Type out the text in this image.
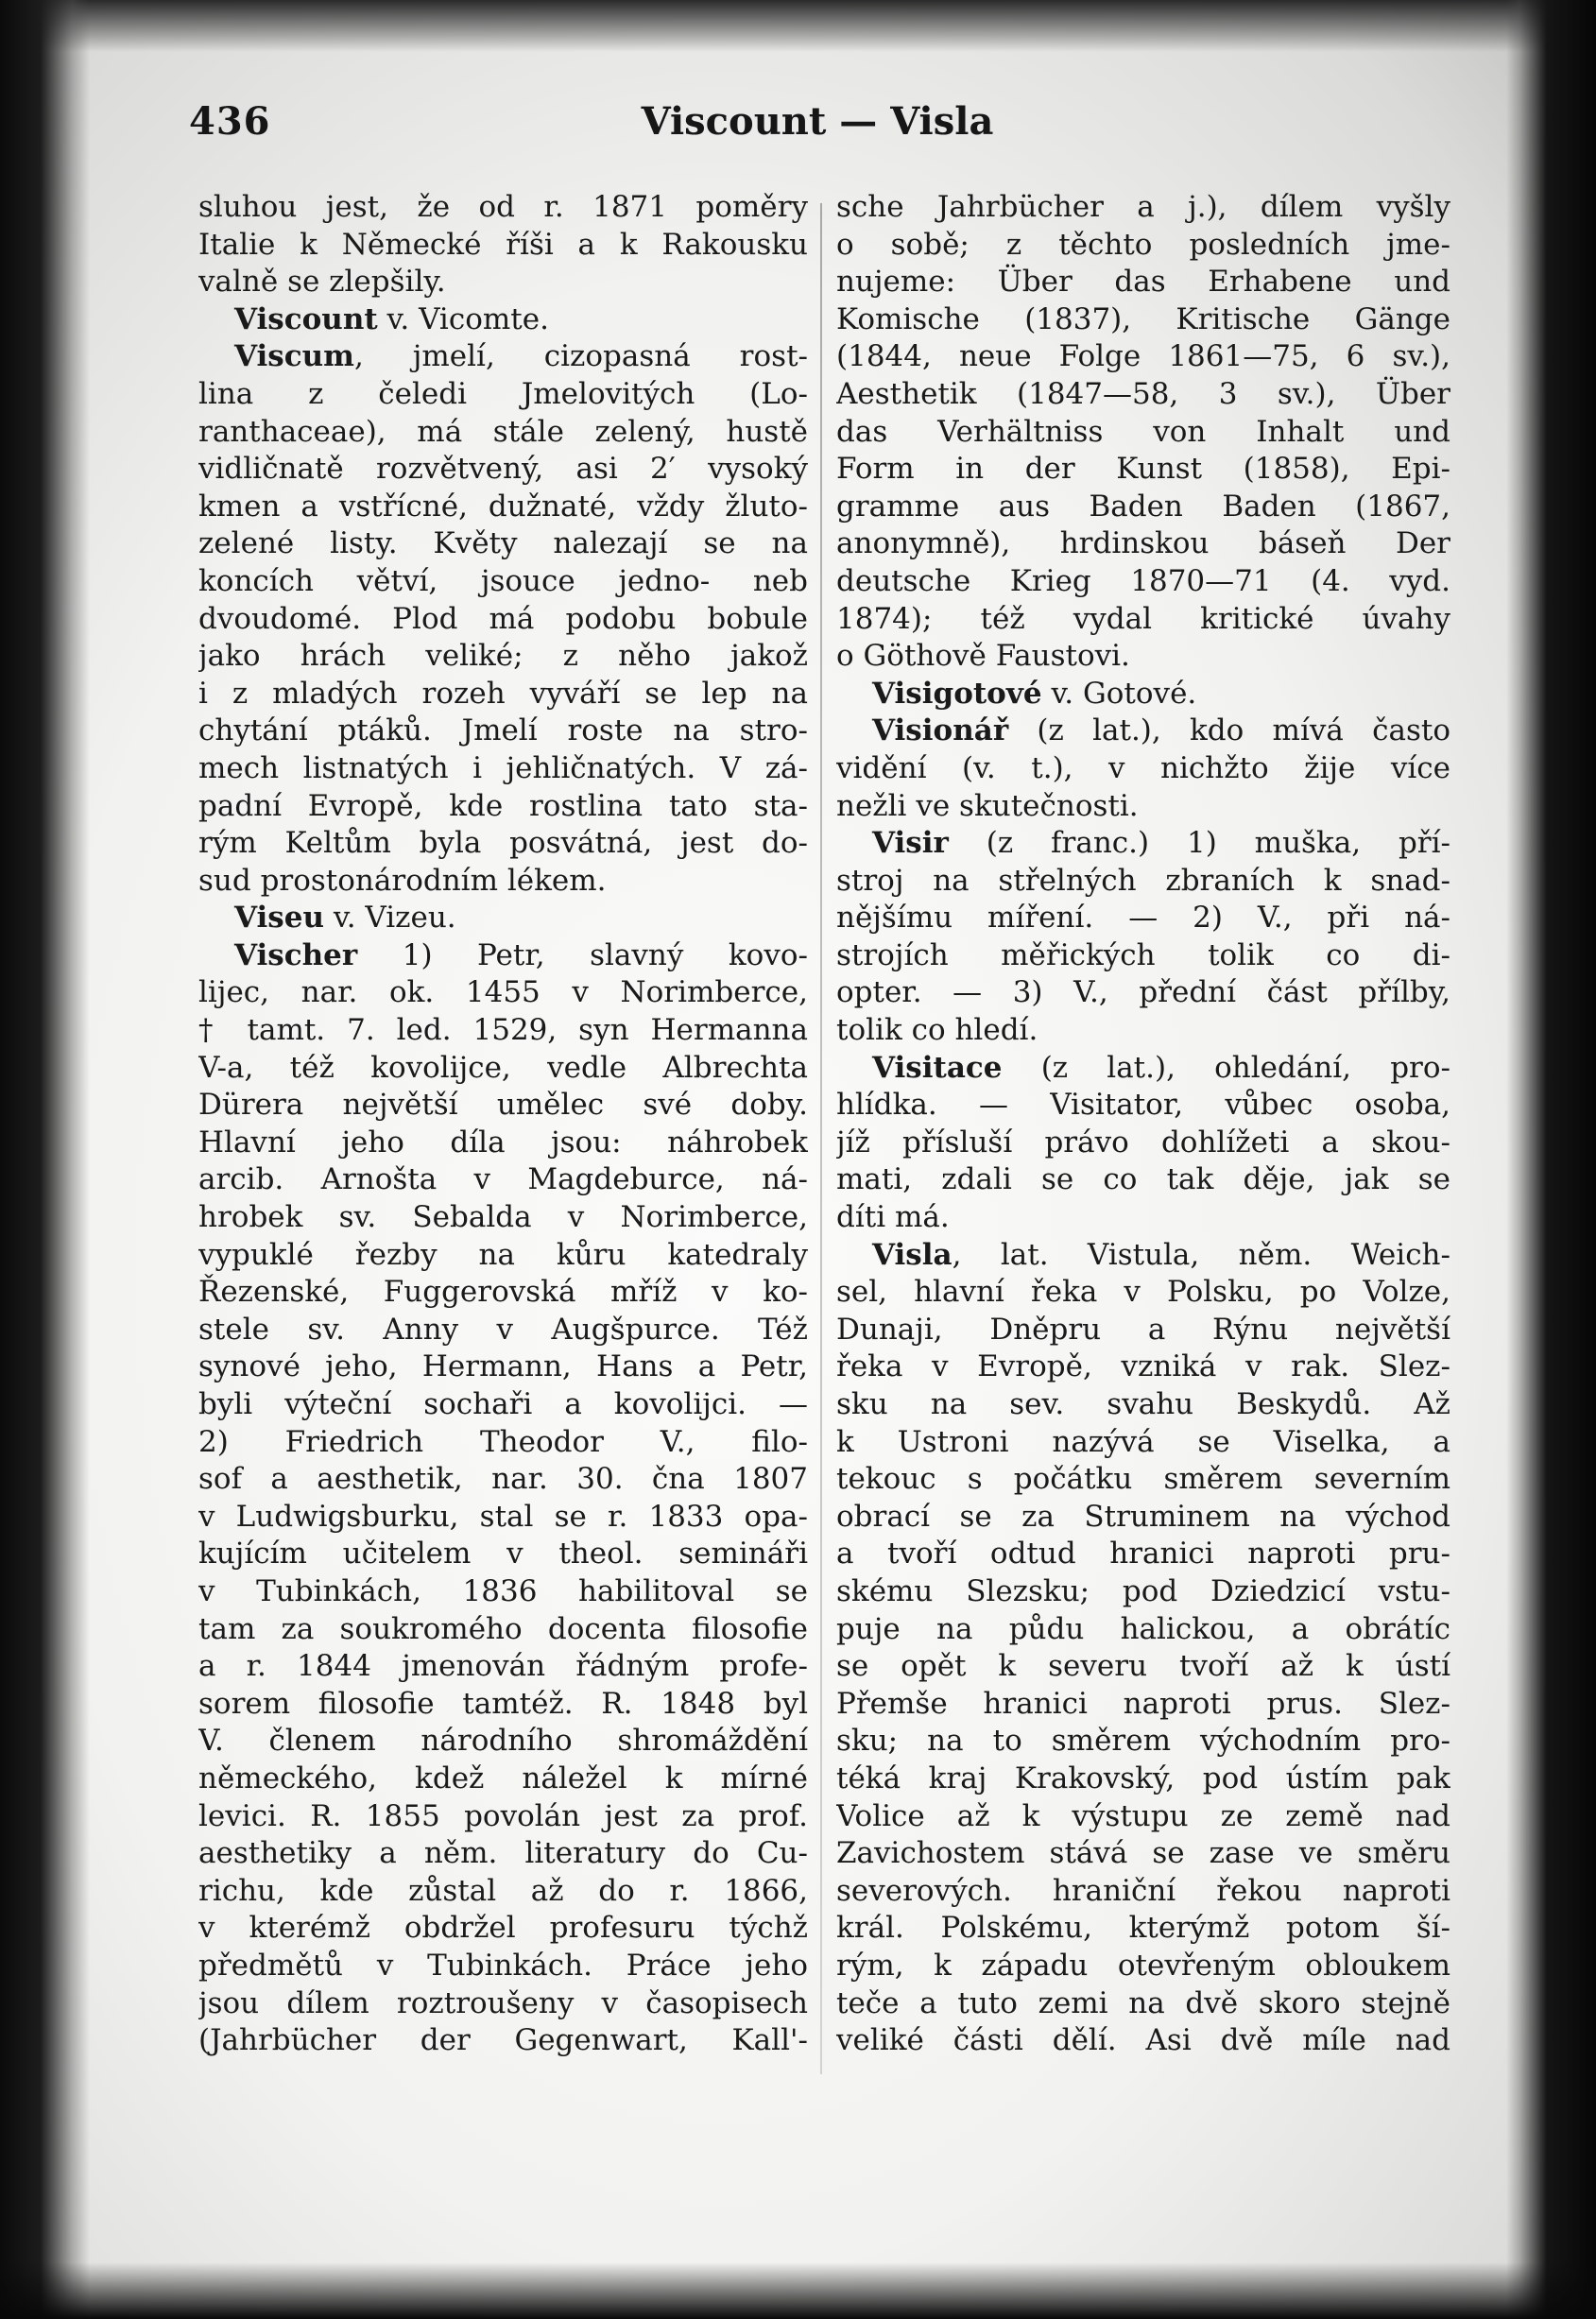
436	Viscount — Visla
sluhou jest, že od r. 1871 poměry
Italie k Německé říši a k Rakousku
valně se zlepšily.
Viscount v. Vicomte.
Viscum, jmelí, cizopasná rost-
lina z čeledi Jmelovitých (Lo-
ranthaceae), má stále zelený, hustě
vidličnatě rozvětvený, asi 2′ vysoký
kmen a vstřícné, dužnaté, vždy žluto-
zelené listy. Květy nalezají se na
koncích větví, jsouce jedno- neb
dvoudomé. Plod má podobu bobule
jako hrách veliké; z něho jakož
i z mladých rozeh vyváří se lep na
chytání ptáků. Jmelí roste na stro-
mech listnatých i jehličnatých. V zá-
padní Evropě, kde rostlina tato sta-
rým Keltům byla posvátná, jest do-
sud prostonárodním lékem.
Viseu v. Vizeu.
Vischer 1) Petr, slavný kovo-
lijec, nar. ok. 1455 v Norimberce,
† tamt. 7. led. 1529, syn Hermanna
V-a, též kovolijce, vedle Albrechta
Dürera největší umělec své doby.
Hlavní jeho díla jsou: náhrobek
arcib. Arnošta v Magdeburce, ná-
hrobek sv. Sebalda v Norimberce,
vypuklé řezby na kůru katedraly
Řezenské, Fuggerovská mříž v ko-
stele sv. Anny v Augšpurce. Též
synové jeho, Hermann, Hans a Petr,
byli výteční sochaři a kovolijci. —
2) Friedrich Theodor V., filo-
sof a aesthetik, nar. 30. čna 1807
v Ludwigsburku, stal se r. 1833 opa-
kujícím učitelem v theol. semináři
v Tubinkách, 1836 habilitoval se
tam za soukromého docenta filosofie
a r. 1844 jmenován řádným profe-
sorem filosofie tamtéž. R. 1848 byl
V. členem národního shromáždění
německého, kdež náležel k mírné
levici. R. 1855 povolán jest za prof.
aesthetiky a něm. literatury do Cu-
richu, kde zůstal až do r. 1866,
v kterémž obdržel profesuru týchž
předmětů v Tubinkách. Práce jeho
jsou dílem roztroušeny v časopisech
(Jahrbücher der Gegenwart, Kall'-
sche Jahrbücher a j.), dílem vyšly
o sobě; z těchto posledních jme-
nujeme: Über das Erhabene und
Komische (1837), Kritische Gänge
(1844, neue Folge 1861—75, 6 sv.),
Aesthetik (1847—58, 3 sv.), Über
das Verhältniss von Inhalt und
Form in der Kunst (1858), Epi-
gramme aus Baden Baden (1867,
anonymně), hrdinskou báseň Der
deutsche Krieg 1870—71 (4. vyd.
1874); též vydal kritické úvahy
o Göthově Faustovi.
Visigotové v. Gotové.
Visionář (z lat.), kdo mívá často
vidění (v. t.), v nichžto žije více
nežli ve skutečnosti.
Visir (z franc.) 1) muška, pří-
stroj na střelných zbraních k snad-
nějšímu míření. — 2) V., při ná-
strojích měřických tolik co di-
opter. — 3) V., přední část přílby,
tolik co hledí.
Visitace (z lat.), ohledání, pro-
hlídka. — Visitator, vůbec osoba,
jíž přísluší právo dohlížeti a skou-
mati, zdali se co tak děje, jak se
díti má.
Visla, lat. Vistula, něm. Weich-
sel, hlavní řeka v Polsku, po Volze,
Dunaji, Dněpru a Rýnu největší
řeka v Evropě, vzniká v rak. Slez-
sku na sev. svahu Beskydů. Až
k Ustroni nazývá se Viselka, a
tekouc s počátku směrem severním
obrací se za Struminem na východ
a tvoří odtud hranici naproti pru-
skému Slezsku; pod Dziedzicí vstu-
puje na půdu halickou, a obrátíc
se opět k severu tvoří až k ústí
Přemše hranici naproti prus. Slez-
sku; na to směrem východním pro-
téká kraj Krakovský, pod ústím pak
Volice až k výstupu ze země nad
Zavichostem stává se zase ve směru
severových. hraniční řekou naproti
král. Polskému, kterýmž potom ší-
rým, k západu otevřeným obloukem
teče a tuto zemi na dvě skoro stejně
veliké části dělí. Asi dvě míle nad
